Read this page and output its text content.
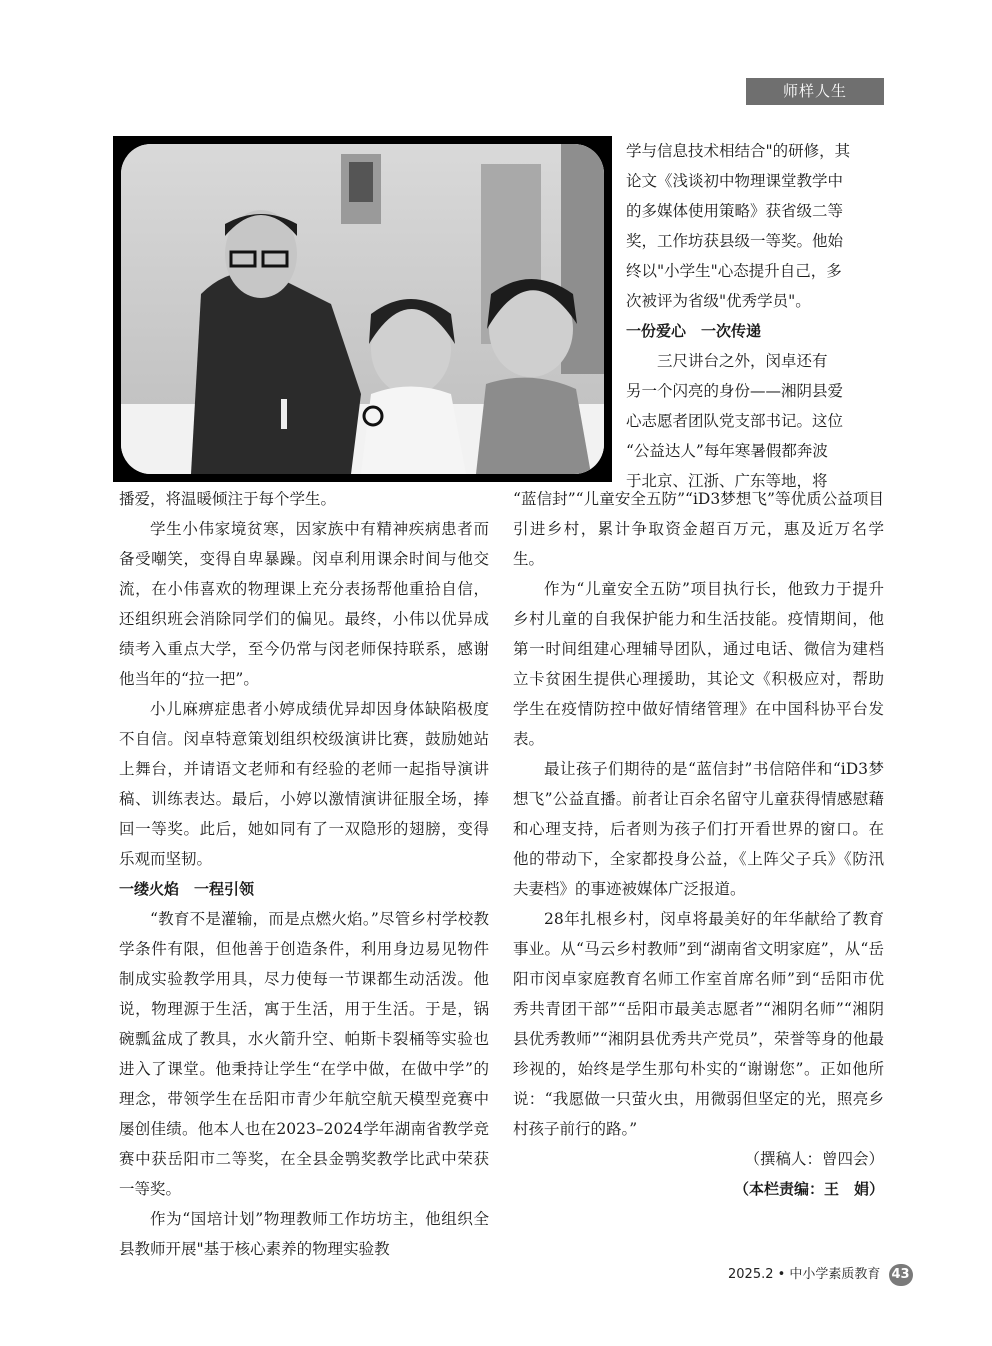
师样人生

学与信息技术相结合"的研修，其

论文《浅谈初中物理课堂教学中

的多媒体使用策略》获省级二等

奖，工作坊获县级一等奖。他始

终以"小学生"心态提升自己，多

次被评为省级"优秀学员"。

一份爱心　一次传递

三尺讲台之外，闵卓还有

另一个闪亮的身份——湘阴县爱

心志愿者团队党支部书记。这位

“公益达人”每年寒暑假都奔波

于北京、江浙、广东等地，将

“蓝信封”“儿童安全五防”“iD3梦想飞”等优质公益项目引进乡村，累计争取资金超百万元，惠及近万名学生。

作为“儿童安全五防”项目执行长，他致力于提升乡村儿童的自我保护能力和生活技能。疫情期间，他第一时间组建心理辅导团队，通过电话、微信为建档立卡贫困生提供心理援助，其论文《积极应对，帮助学生在疫情防控中做好情绪管理》在中国科协平台发表。

最让孩子们期待的是“蓝信封”书信陪伴和“iD3梦想飞”公益直播。前者让百余名留守儿童获得情感慰藉和心理支持，后者则为孩子们打开看世界的窗口。在他的带动下，全家都投身公益，《上阵父子兵》《防汛夫妻档》的事迹被媒体广泛报道。

28年扎根乡村，闵卓将最美好的年华献给了教育事业。从“马云乡村教师”到“湖南省文明家庭”，从“岳阳市闵卓家庭教育名师工作室首席名师”到“岳阳市优秀共青团干部”“岳阳市最美志愿者”“湘阴名师”“湘阴县优秀教师”“湘阴县优秀共产党员”，荣誉等身的他最珍视的，始终是学生那句朴实的“谢谢您”。正如他所说：“我愿做一只萤火虫，用微弱但坚定的光，照亮乡村孩子前行的路。”

（撰稿人：曾四会）

（本栏责编：王　娟）

播爱，将温暖倾注于每个学生。

学生小伟家境贫寒，因家族中有精神疾病患者而备受嘲笑，变得自卑暴躁。闵卓利用课余时间与他交流，在小伟喜欢的物理课上充分表扬帮他重拾自信，还组织班会消除同学们的偏见。最终，小伟以优异成绩考入重点大学，至今仍常与闵老师保持联系，感谢他当年的“拉一把”。

小儿麻痹症患者小婷成绩优异却因身体缺陷极度不自信。闵卓特意策划组织校级演讲比赛，鼓励她站上舞台，并请语文老师和有经验的老师一起指导演讲稿、训练表达。最后，小婷以激情演讲征服全场，捧回一等奖。此后，她如同有了一双隐形的翅膀，变得乐观而坚韧。

一缕火焰　一程引领

“教育不是灌输，而是点燃火焰。”尽管乡村学校教学条件有限，但他善于创造条件，利用身边易见物件制成实验教学用具，尽力使每一节课都生动活泼。他说，物理源于生活，寓于生活，用于生活。于是，锅碗瓢盆成了教具，水火箭升空、帕斯卡裂桶等实验也进入了课堂。他秉持让学生“在学中做，在做中学”的理念，带领学生在岳阳市青少年航空航天模型竞赛中屡创佳绩。他本人也在2023–2024学年湖南省教学竞赛中获岳阳市二等奖，在全县金鹗奖教学比武中荣获一等奖。

作为“国培计划”物理教师工作坊坊主，他组织全县教师开展"基于核心素养的物理实验教

2025.2 • 中小学素质教育 43
